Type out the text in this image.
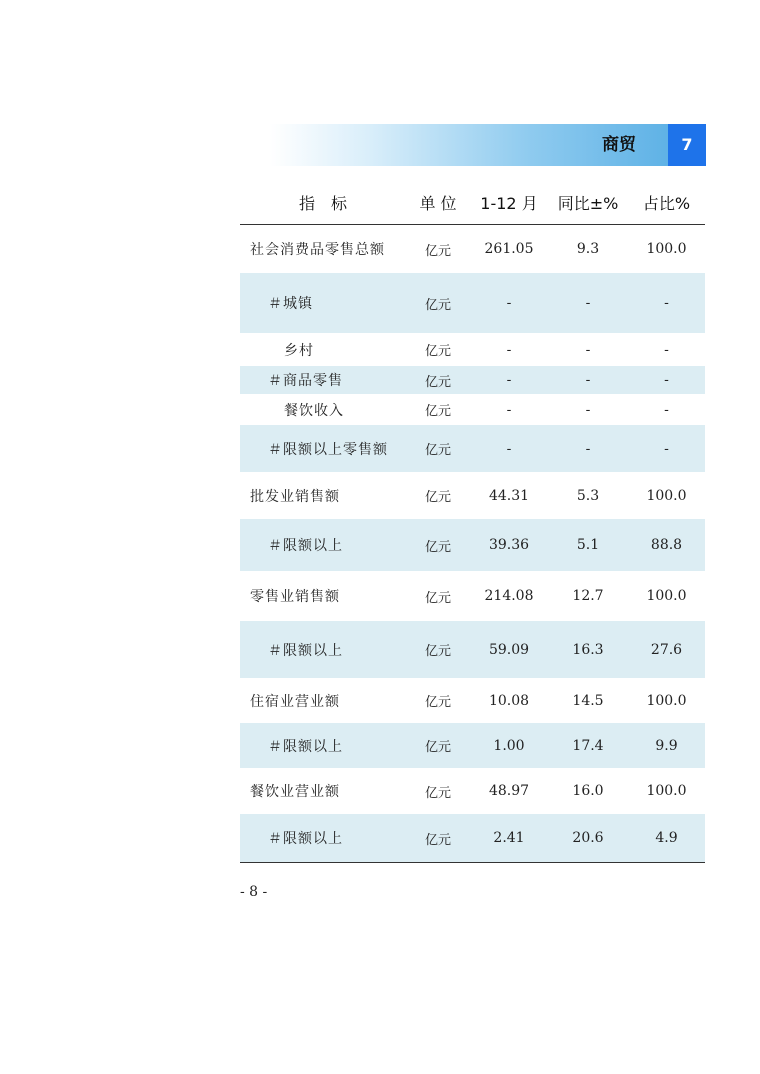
商贸	7
指　标	单 位	1-12 月	同比±%	占比%
社会消费品零售总额	亿元	261.05	9.3	100.0
＃城镇	亿元	-	-	-
乡村	亿元	-	-	-
＃商品零售	亿元	-	-	-
餐饮收入	亿元	-	-	-
＃限额以上零售额	亿元	-	-	-
批发业销售额	亿元	44.31	5.3	100.0
＃限额以上	亿元	39.36	5.1	88.8
零售业销售额	亿元	214.08	12.7	100.0
＃限额以上	亿元	59.09	16.3	27.6
住宿业营业额	亿元	10.08	14.5	100.0
＃限额以上	亿元	1.00	17.4	9.9
餐饮业营业额	亿元	48.97	16.0	100.0
＃限额以上	亿元	2.41	20.6	4.9
- 8 -
